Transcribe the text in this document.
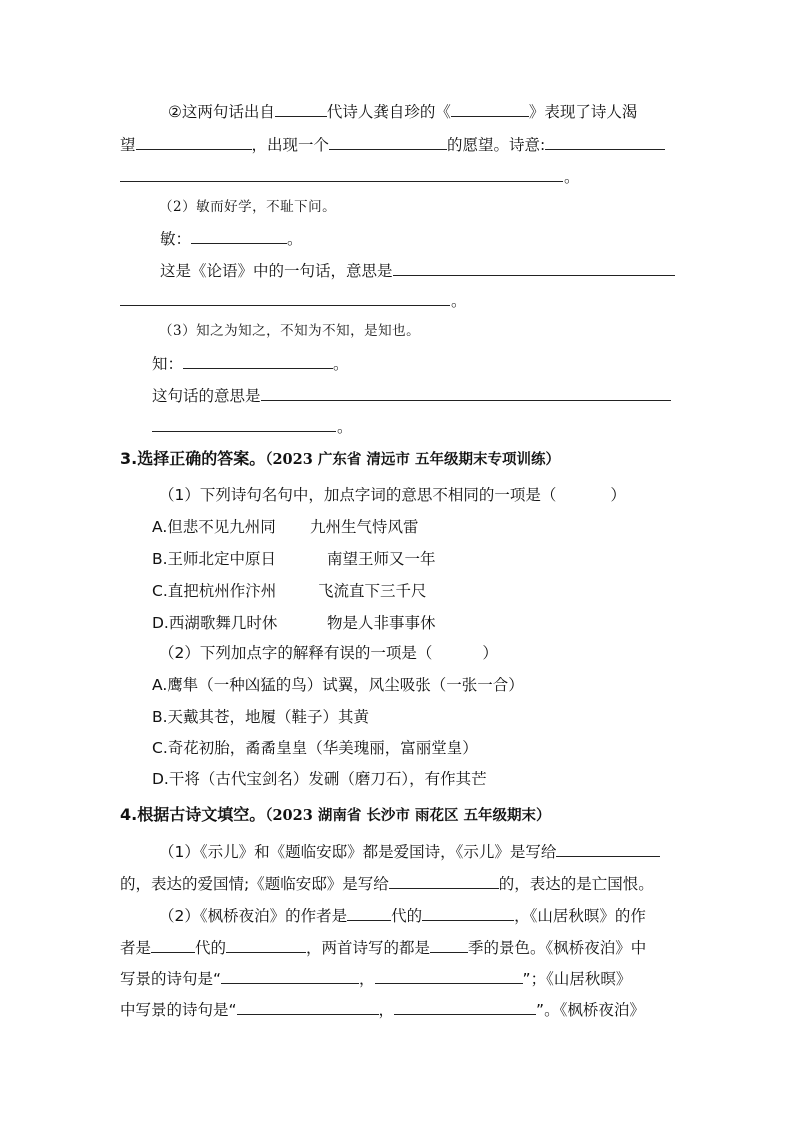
②这两句话出自	代诗人龚自珍的《	》表现了诗人渴
望	，出现一个	的愿望。诗意:
。
（2）敏而好学，不耻下问。
敏：	。
这是《论语》中的一句话，意思是
。
（3）知之为知之，不知为不知，是知也。
知：	。
这句话的意思是
。
3.选择正确的答案。（2023 广东省 清远市 五年级期末专项训练）
（1）下列诗句名句中，加点字词的意思不相同的一项是（	）
A.但悲不见九州同 九州生气恃风雷
B.王师北定中原日	南望王师又一年
C.直把杭州作汴州	飞流直下三千尺
D.西湖歌舞几时休	物是人非事事休
（2）下列加点字的解释有误的一项是（	）
A.鹰隼（一种凶猛的鸟）试翼，风尘吸张（一张一合）
B.天戴其苍，地履（鞋子）其黄
C.奇花初胎，矞矞皇皇（华美瑰丽，富丽堂皇）
D.干将（古代宝剑名）发硎（磨刀石），有作其芒
4.根据古诗文填空。（2023 湖南省 长沙市 雨花区 五年级期末）
（1）《示儿》和《题临安邸》都是爱国诗，《示儿》是写给
的，表达的爱国情;《题临安邸》是写给	的，表达的是亡国恨。
（2）《枫桥夜泊》的作者是	代的	，《山居秋暝》的作
者是	代的	，两首诗写的都是 季的景色。《枫桥夜泊》中
写景的诗句是“	，	”；《山居秋暝》
中写景的诗句是“	，	”。《枫桥夜泊》
